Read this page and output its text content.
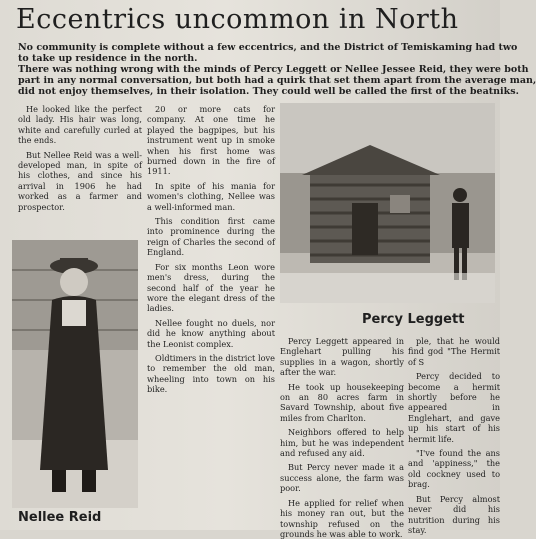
Eccentrics uncommon in North
No community is complete without a few eccentrics, and the District of Temiskaming had two
to take up residence in the north.
There was nothing wrong with the minds of Percy Leggett or Nellee Jessee Reid, they were both
part in any normal conversation, but both had a quirk that set them apart from the average man,
did not enjoy themselves, in their isolation. They could well be called the first of the beatniks.

He looked like the perfect old lady. His hair was long, white and carefully curled at the ends.

But Nellee Reid was a well-developed man, in spite of his clothes, and since his arrival in 1906 he had worked as a farmer and prospector.

20 or more cats for company. At one time he played the bagpipes, but his instrument went up in smoke when his first home was burned down in the fire of 1911.

In spite of his mania for women's clothing, Nellee was a well-informed man.

This condition first came into prominence during the reign of Charles the second of England.

For six months Leon wore men's dress, during the second half of the year he wore the elegant dress of the ladies.

Nellee fought no duels, nor did he know anything about the Leonist complex.

Oldtimers in the district love to remember the old man, wheeling into town on his bike.

Percy Leggett appeared in Englehart pulling his supplies in a wagon, shortly after the war.

He took up housekeeping on an 80 acres farm in Savard Township, about five miles from Charlton.

Neighbors offered to help him, but he was independent and refused any aid.

But Percy never made it a success alone, the farm was poor.

He applied for relief when his money ran out, but the township refused on the grounds he was able to work.

ple, that he would find god "The Hermit of S

Percy decided to become a hermit shortly before he appeared in Englehart, and gave up his start of his hermit life.

"I've found the ans and 'appiness," the old cockney used to brag.

But Percy almost never did his nutrition during his stay.

Percy Leggett
Nellee Reid
